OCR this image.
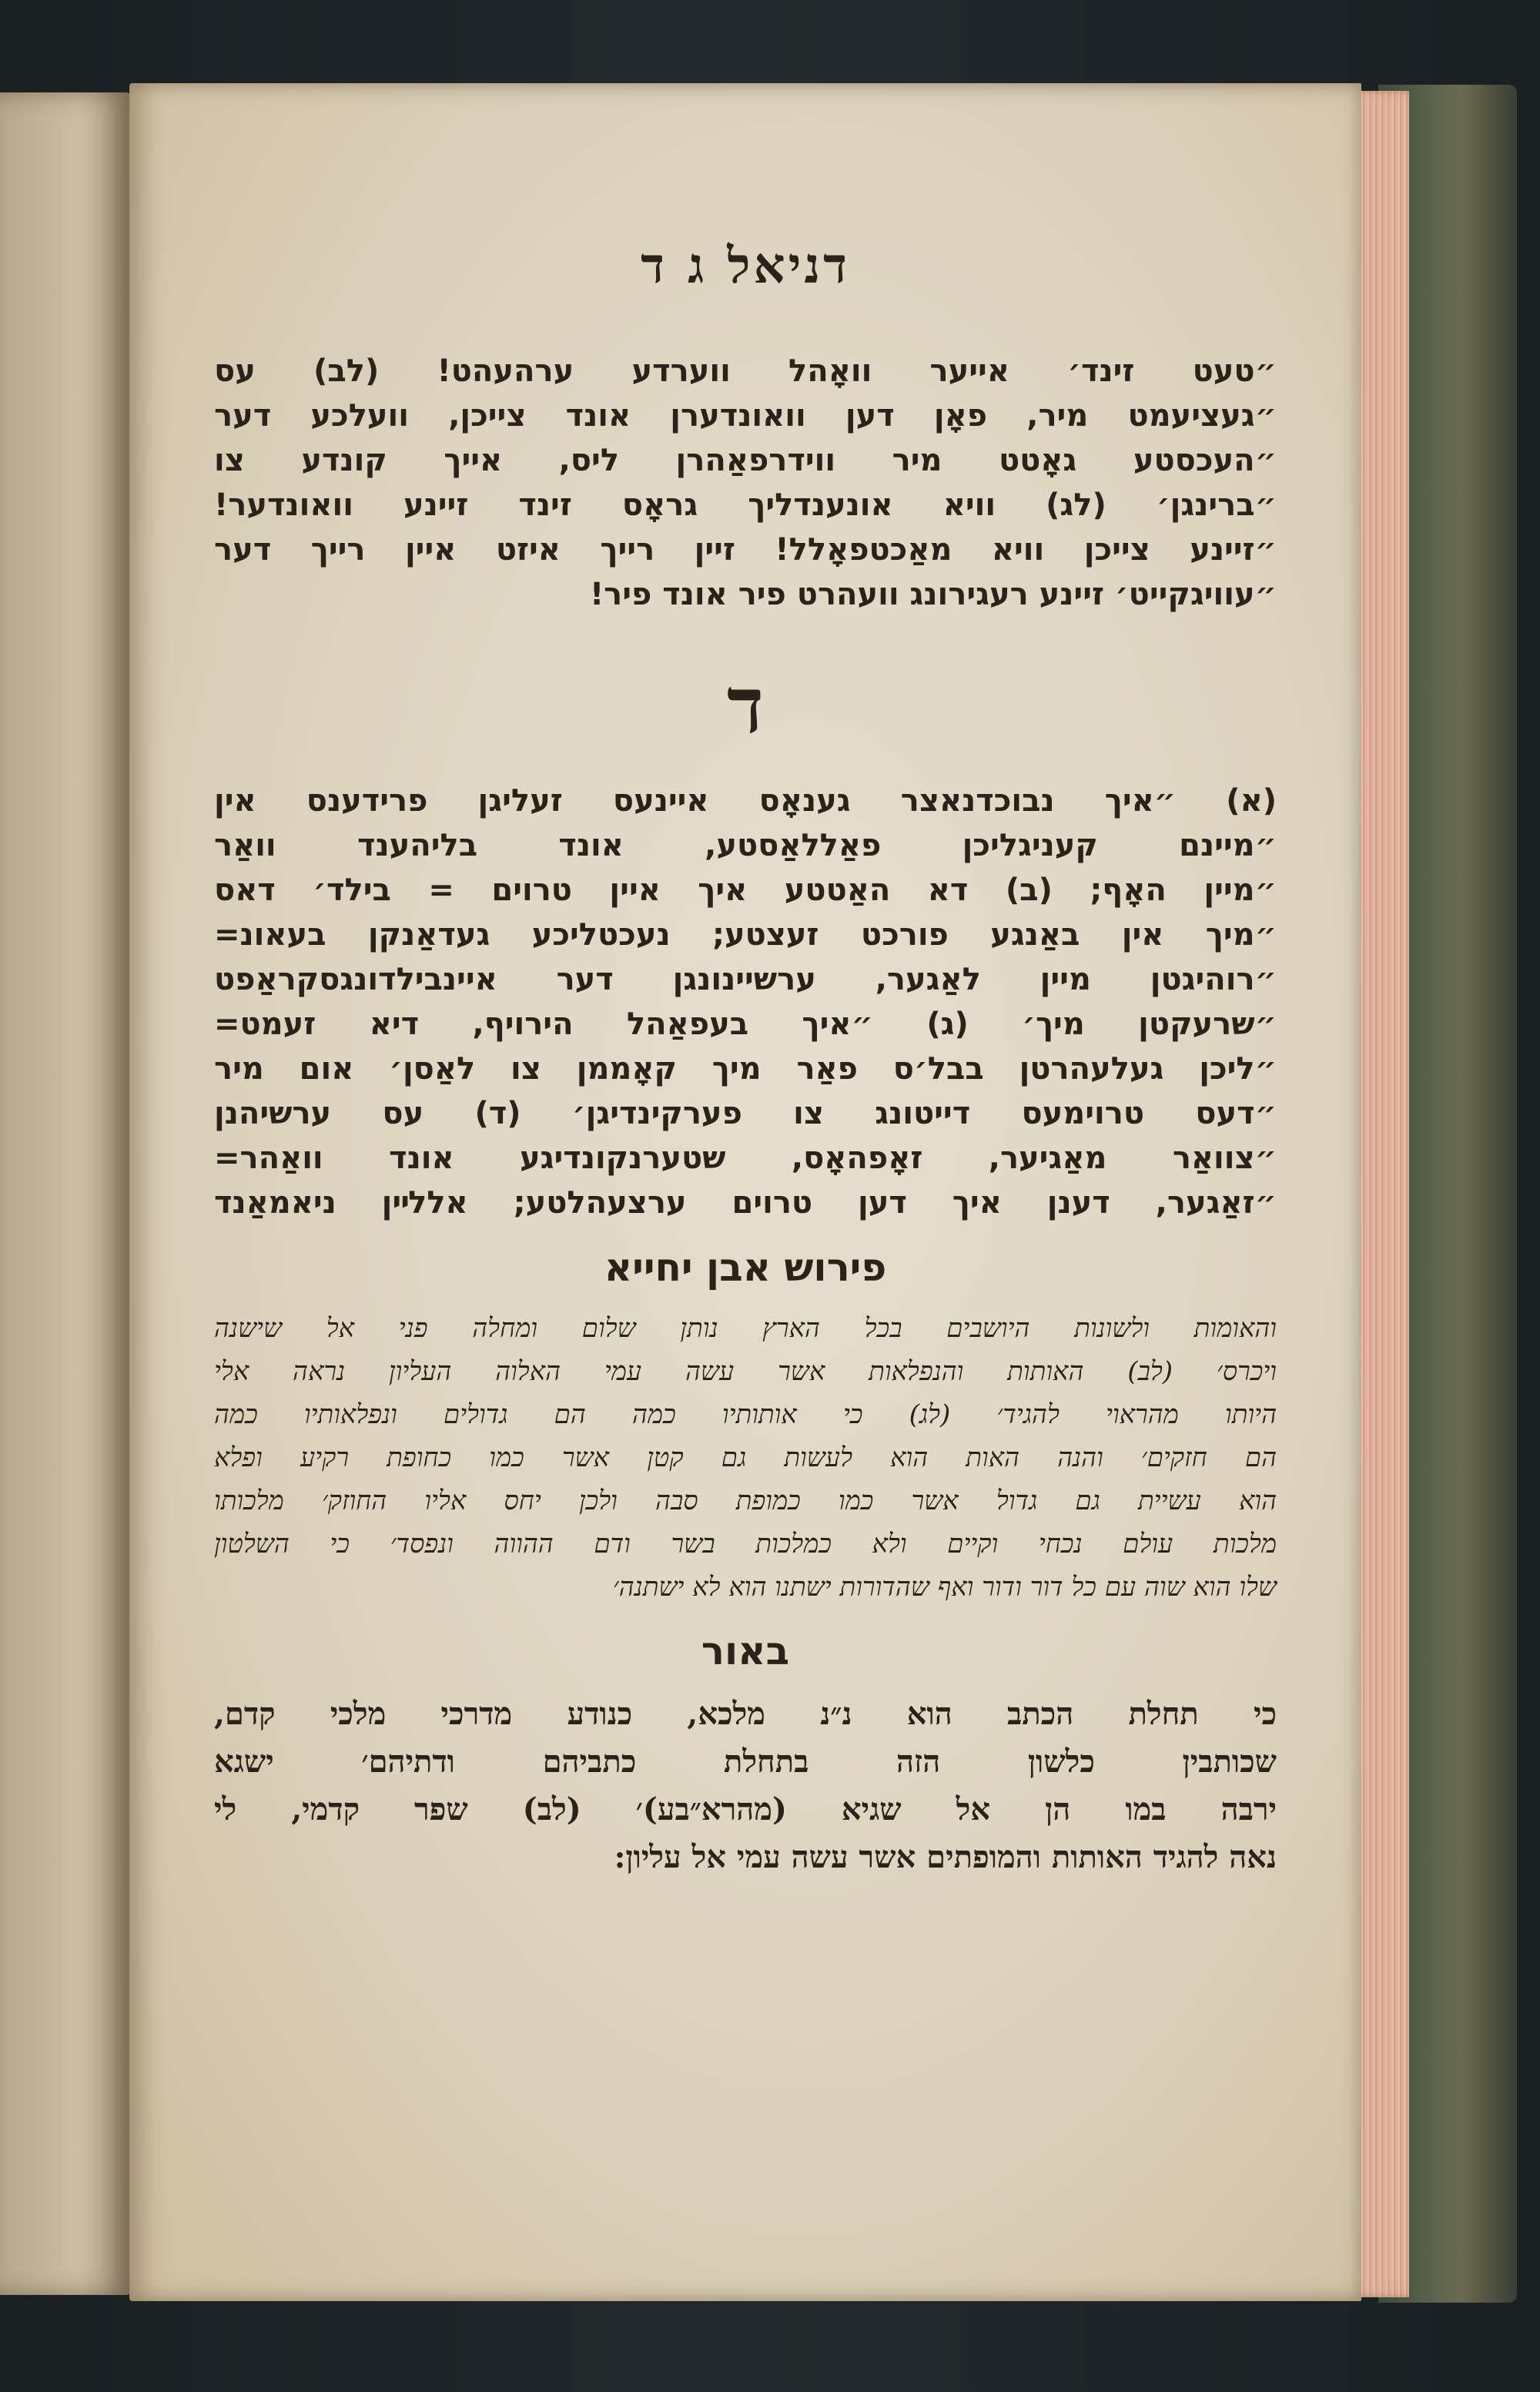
דניאל ג ד
״טעט זינד׳ אייער וואָהל ווערדע ערהעהט! (לב) עס
״געציעמט מיר, פאָן דען וואונדערן אונד צייכן, וועלכע דער
״העכסטע גאָטט מיר ווידרפאַהרן ליס, אייך קונדע צו
״ברינגן׳ (לג) וויא אונענדליך גראָס זינד זיינע וואונדער!
״זיינע צייכן וויא מאַכטפאָלל! זיין רייך איזט איין רייך דער
״עוויגקייט׳ זיינע רעגירונג וועהרט פיר אונד פיר!
ד
(א) ״איך נבוכדנאצר גענאָס איינעס זעליגן פרידענס אין
״מיינם קעניגליכן פאַללאַסטע, אונד בליהענד וואַר
״מיין האָף; (ב) דא האַטטע איך איין טרוים = בילד׳ דאס
״מיך אין באַנגע פורכט זעצטע; נעכטליכע געדאַנקן בעאונ=
״רוהיגטן מיין לאַגער, ערשיינונגן דער איינבילדונגסקראַפט
״שרעקטן מיך׳ (ג) ״איך בעפאַהל הירויף, דיא זעמט=
״ליכן געלעהרטן בבל׳ס פאַר מיך קאָממן צו לאַסן׳ אום מיר
״דעס טרוימעס דייטונג צו פערקינדיגן׳ (ד) עס ערשיהנן
״צוואַר מאַגיער, זאָפהאָס, שטערנקונדיגע אונד וואַהר=
״זאַגער, דענן איך דען טרוים ערצעהלטע; אללײן ניאמאַנד
פירוש אבן יחייא
והאומות ולשונות היושבים בכל הארץ נותן שלום ומחלה פני אל שישנה
ויכרס׳ (לב) האותות והנפלאות אשר עשה עמי האלוה העליון נראה אלי
היותו מהראוי להגיד׳ (לג) כי אותותיו כמה הם גדולים ונפלאותיו כמה
הם חזקים׳ והנה האות הוא לעשות גם קטן אשר כמו כחופת רקיע ופלא
הוא עשיית גם גדול אשר כמו כמופת סבה ולכן יחס אליו החוזק׳ מלכותו
מלכות עולם נכחי וקיים ולא כמלכות בשר ודם ההווה ונפסד׳ כי השלטון
שלו הוא שוה עם כל דור ודור ואף שהדורות ישתנו הוא לא ישתנה׳
באור
כי תחלת הכתב הוא נ״נ מלכא, כנודע מדרכי מלכי קדם,
שכותבין כלשון הזה בתחלת כתביהם ודתיהם׳ ישגא
ירבה במו הן אל שגיא (מהרא״בע)׳ (לב) שפר קדמי, לי
נאה להגיד האותות והמופתים אשר עשה עמי אל עליון:
